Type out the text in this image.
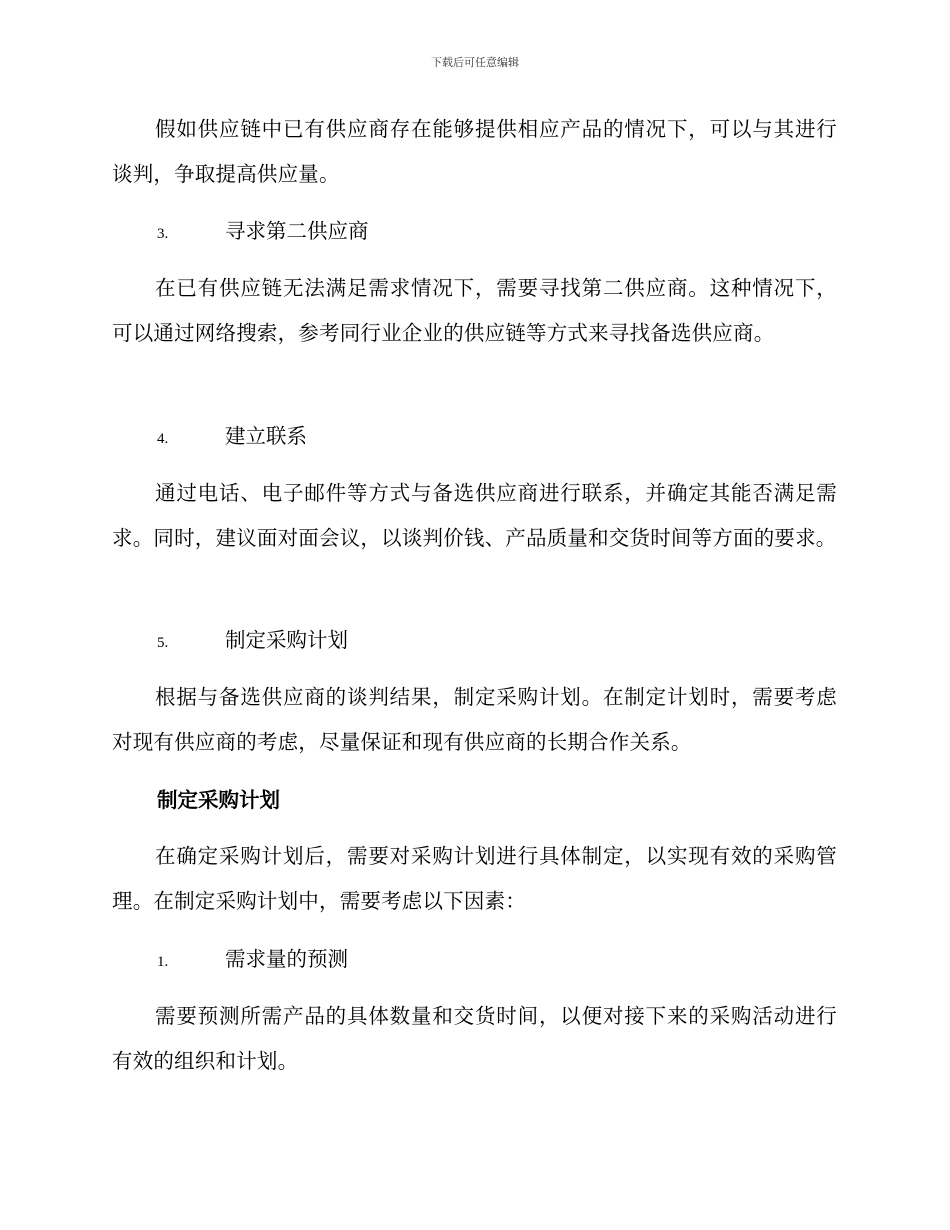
下载后可任意编辑
假如供应链中已有供应商存在能够提供相应产品的情况下，可以与其进行谈判，争取提高供应量。
3.	寻求第二供应商
在已有供应链无法满足需求情况下，需要寻找第二供应商。这种情况下，可以通过网络搜索，参考同行业企业的供应链等方式来寻找备选供应商。
4.	建立联系
通过电话、电子邮件等方式与备选供应商进行联系，并确定其能否满足需求。同时，建议面对面会议，以谈判价钱、产品质量和交货时间等方面的要求。
5.	制定采购计划
根据与备选供应商的谈判结果，制定采购计划。在制定计划时，需要考虑对现有供应商的考虑，尽量保证和现有供应商的长期合作关系。
制定采购计划
在确定采购计划后，需要对采购计划进行具体制定，以实现有效的采购管理。在制定采购计划中，需要考虑以下因素：
1.	需求量的预测
需要预测所需产品的具体数量和交货时间，以便对接下来的采购活动进行有效的组织和计划。
